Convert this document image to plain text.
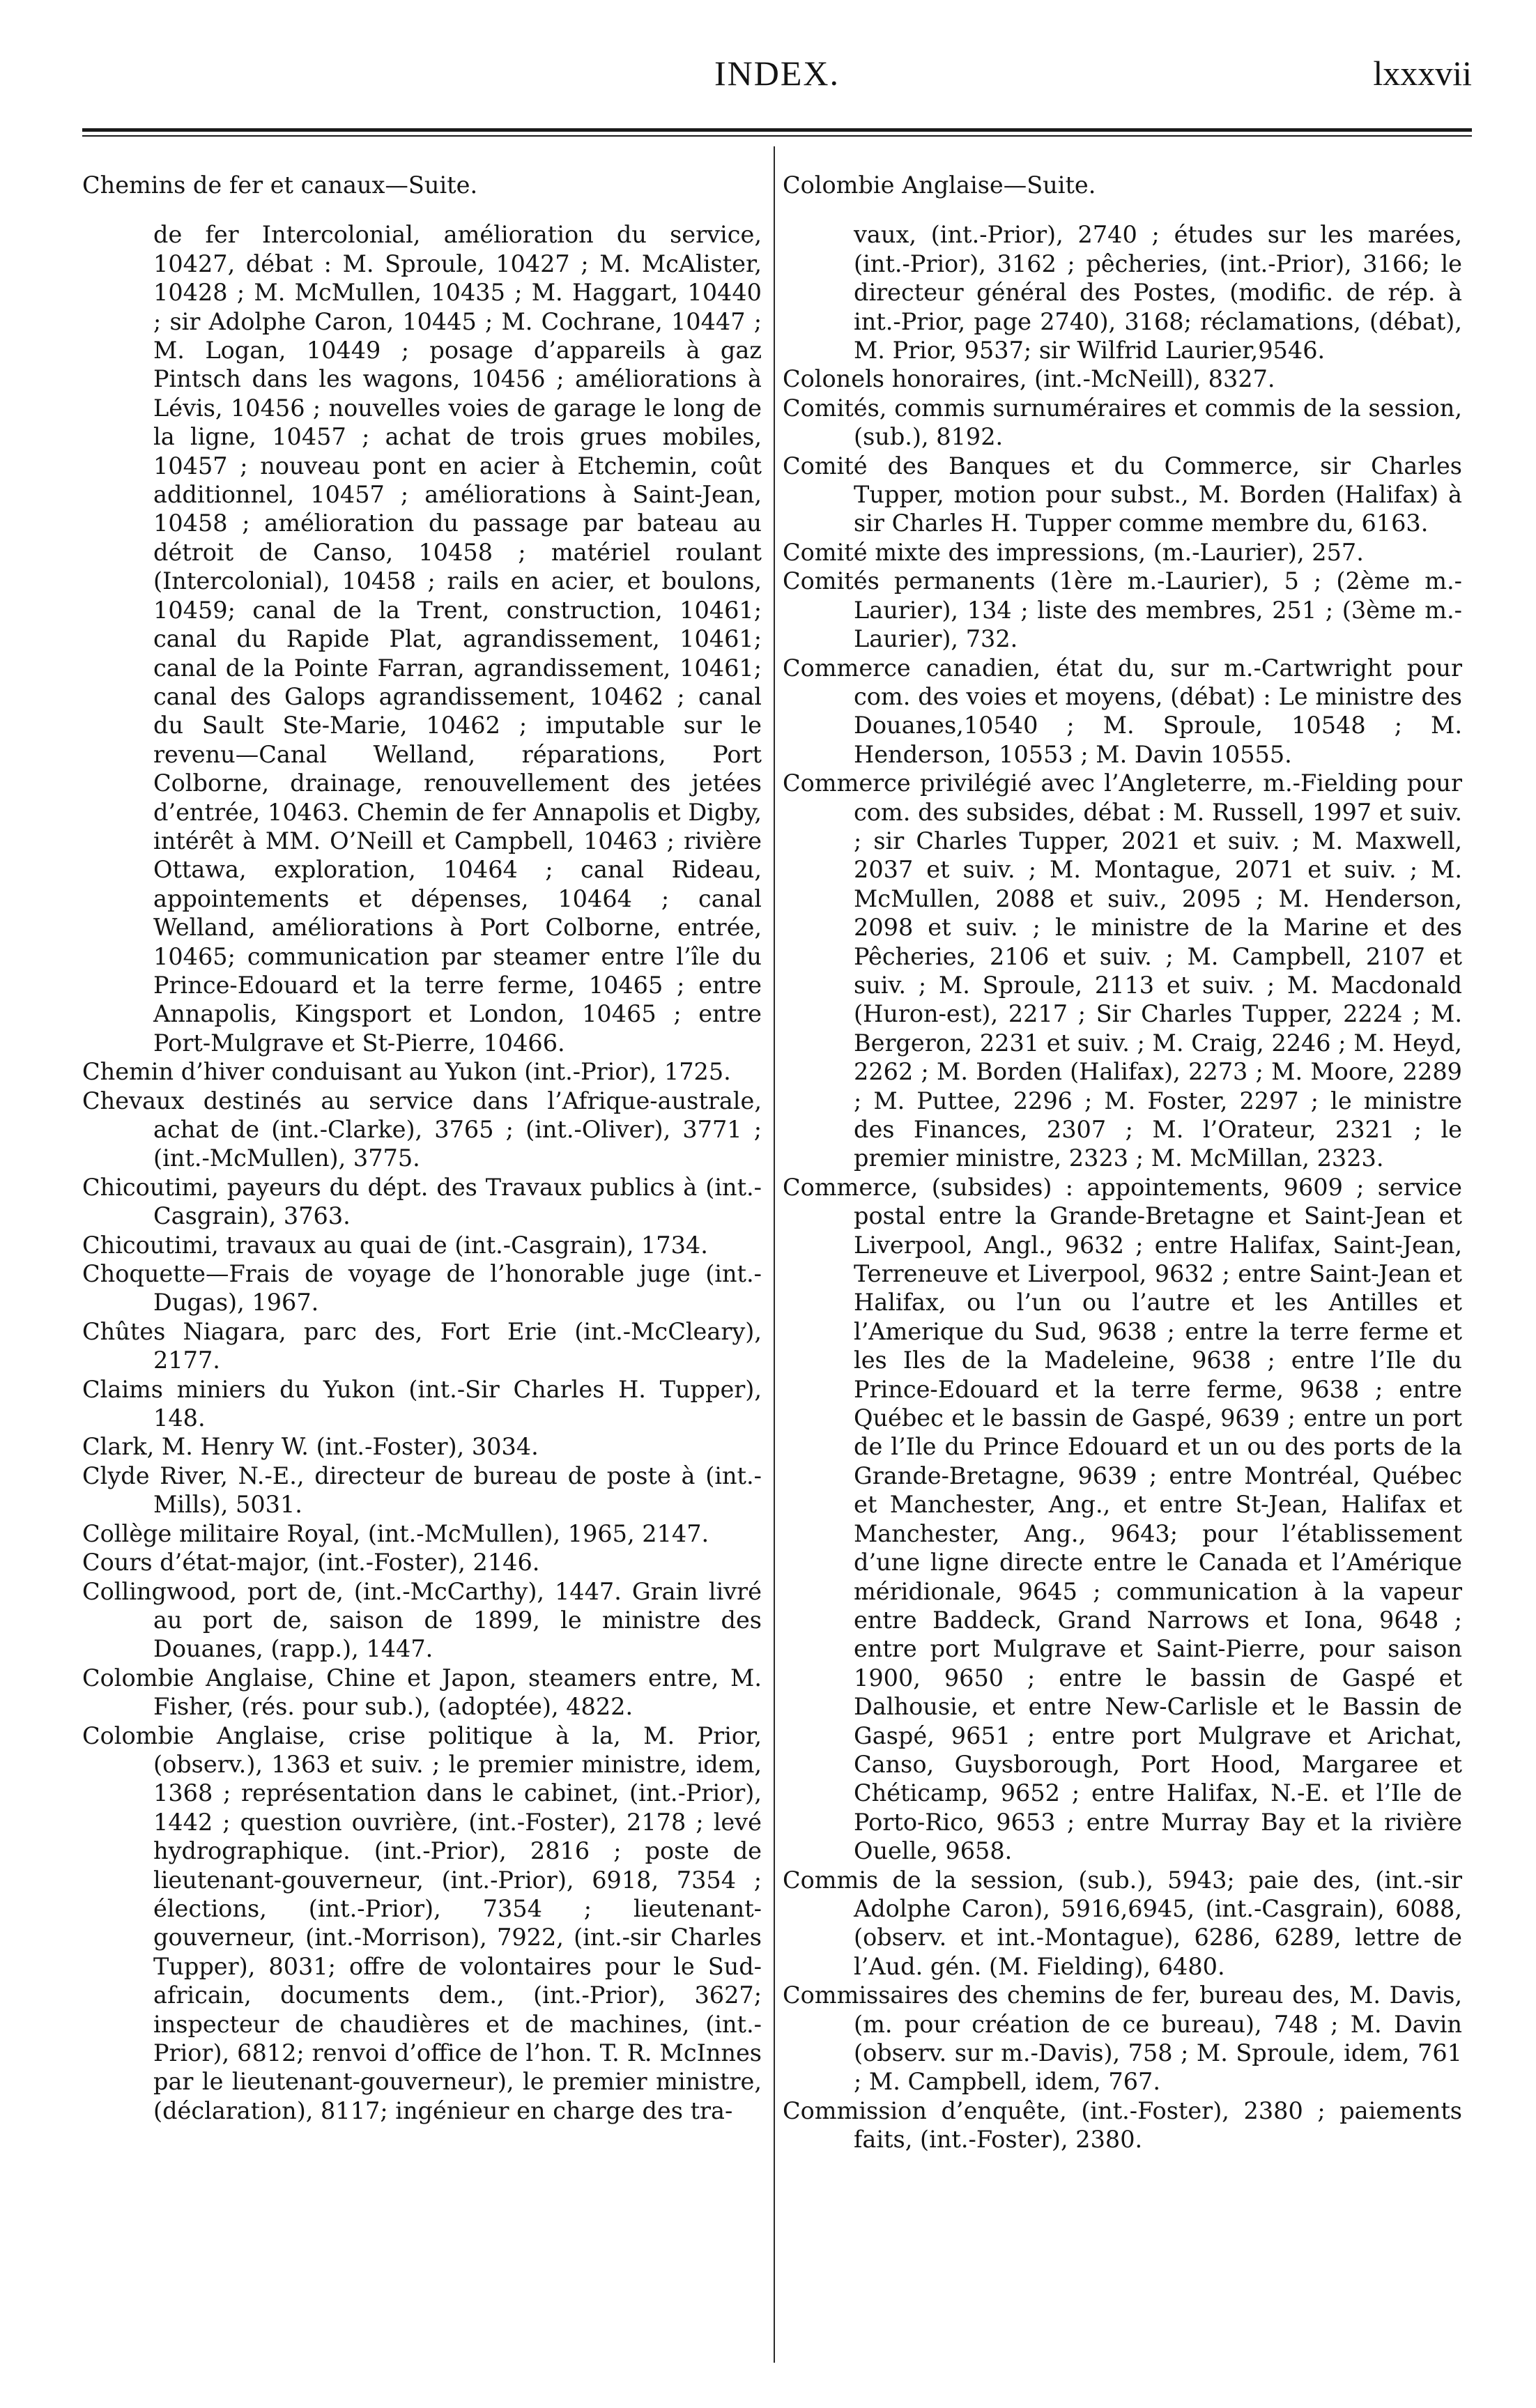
INDEX.	lxxxvii

Chemins de fer et canaux—Suite.

de fer Intercolonial, amélioration du service, 10427, débat : M. Sproule, 10427 ; M. McAlister, 10428 ; M. McMullen, 10435 ; M. Haggart, 10440 ; sir Adolphe Caron, 10445 ; M. Cochrane, 10447 ; M. Logan, 10449 ; posage d’appareils à gaz Pintsch dans les wagons, 10456 ; améliorations à Lévis, 10456 ; nouvelles voies de garage le long de la ligne, 10457 ; achat de trois grues mobiles, 10457 ; nouveau pont en acier à Etchemin, coût additionnel, 10457 ; améliorations à Saint-Jean, 10458 ; amélioration du passage par bateau au détroit de Canso, 10458 ; matériel roulant (Intercolonial), 10458 ; rails en acier, et boulons, 10459; canal de la Trent, construction, 10461; canal du Rapide Plat, agrandissement, 10461; canal de la Pointe Farran, agrandissement, 10461; canal des Galops agrandissement, 10462 ; canal du Sault Ste-Marie, 10462 ; imputable sur le revenu—Canal Welland, réparations, Port Colborne, drainage, renouvellement des jetées d’entrée, 10463. Chemin de fer Annapolis et Digby, intérêt à MM. O’Neill et Campbell, 10463 ; rivière Ottawa, exploration, 10464 ; canal Rideau, appointements et dépenses, 10464 ; canal Welland, améliorations à Port Colborne, entrée, 10465; communication par steamer entre l’île du Prince-Edouard et la terre ferme, 10465 ; entre Annapolis, Kingsport et London, 10465 ; entre Port-Mulgrave et St-Pierre, 10466.

Chemin d’hiver conduisant au Yukon (int.-Prior), 1725.

Chevaux destinés au service dans l’Afrique-australe, achat de (int.-Clarke), 3765 ; (int.-Oliver), 3771 ; (int.-McMullen), 3775.

Chicoutimi, payeurs du dépt. des Travaux publics à (int.-Casgrain), 3763.

Chicoutimi, travaux au quai de (int.-Casgrain), 1734.

Choquette—Frais de voyage de l’honorable juge (int.-Dugas), 1967.

Chûtes Niagara, parc des, Fort Erie (int.-McCleary), 2177.

Claims miniers du Yukon (int.-Sir Charles H. Tupper), 148.

Clark, M. Henry W. (int.-Foster), 3034.

Clyde River, N.-E., directeur de bureau de poste à (int.-Mills), 5031.

Collège militaire Royal, (int.-McMullen), 1965, 2147.

Cours d’état-major, (int.-Foster), 2146.

Collingwood, port de, (int.-McCarthy), 1447. Grain livré au port de, saison de 1899, le ministre des Douanes, (rapp.), 1447.

Colombie Anglaise, Chine et Japon, steamers entre, M. Fisher, (rés. pour sub.), (adoptée), 4822.

Colombie Anglaise, crise politique à la, M. Prior, (observ.), 1363 et suiv. ; le premier ministre, idem, 1368 ; représentation dans le cabinet, (int.-Prior), 1442 ; question ouvrière, (int.-Foster), 2178 ; levé hydrographique. (int.-Prior), 2816 ; poste de lieutenant-gouverneur, (int.-Prior), 6918, 7354 ; élections, (int.-Prior), 7354 ; lieutenant-gouverneur, (int.-Morrison), 7922, (int.-sir Charles Tupper), 8031; offre de volontaires pour le Sud-africain, documents dem., (int.-Prior), 3627; inspecteur de chaudières et de machines, (int.-Prior), 6812; renvoi d’office de l’hon. T. R. McInnes par le lieutenant-gouverneur), le premier ministre, (déclaration), 8117; ingénieur en charge des tra-

Colombie Anglaise—Suite.

vaux, (int.-Prior), 2740 ; études sur les marées, (int.-Prior), 3162 ; pêcheries, (int.-Prior), 3166; le directeur général des Postes, (modific. de rép. à int.-Prior, page 2740), 3168; réclamations, (débat), M. Prior, 9537; sir Wilfrid Laurier,9546.

Colonels honoraires, (int.-McNeill), 8327.

Comités, commis surnuméraires et commis de la session, (sub.), 8192.

Comité des Banques et du Commerce, sir Charles Tupper, motion pour subst., M. Borden (Halifax) à sir Charles H. Tupper comme membre du, 6163.

Comité mixte des impressions, (m.-Laurier), 257.

Comités permanents (1ère m.-Laurier), 5 ; (2ème m.-Laurier), 134 ; liste des membres, 251 ; (3ème m.-Laurier), 732.

Commerce canadien, état du, sur m.-Cartwright pour com. des voies et moyens, (débat) : Le ministre des Douanes,10540 ; M. Sproule, 10548 ; M. Henderson, 10553 ; M. Davin 10555.

Commerce privilégié avec l’Angleterre, m.-Fielding pour com. des subsides, débat : M. Russell, 1997 et suiv. ; sir Charles Tupper, 2021 et suiv. ; M. Maxwell, 2037 et suiv. ; M. Montague, 2071 et suiv. ; M. McMullen, 2088 et suiv., 2095 ; M. Henderson, 2098 et suiv. ; le ministre de la Marine et des Pêcheries, 2106 et suiv. ; M. Campbell, 2107 et suiv. ; M. Sproule, 2113 et suiv. ; M. Macdonald (Huron-est), 2217 ; Sir Charles Tupper, 2224 ; M. Bergeron, 2231 et suiv. ; M. Craig, 2246 ; M. Heyd, 2262 ; M. Borden (Halifax), 2273 ; M. Moore, 2289 ; M. Puttee, 2296 ; M. Foster, 2297 ; le ministre des Finances, 2307 ; M. l’Orateur, 2321 ; le premier ministre, 2323 ; M. McMillan, 2323.

Commerce, (subsides) : appointements, 9609 ; service postal entre la Grande-Bretagne et Saint-Jean et Liverpool, Angl., 9632 ; entre Halifax, Saint-Jean, Terreneuve et Liverpool, 9632 ; entre Saint-Jean et Halifax, ou l’un ou l’autre et les Antilles et l’Amerique du Sud, 9638 ; entre la terre ferme et les Iles de la Madeleine, 9638 ; entre l’Ile du Prince-Edouard et la terre ferme, 9638 ; entre Québec et le bassin de Gaspé, 9639 ; entre un port de l’Ile du Prince Edouard et un ou des ports de la Grande-Bretagne, 9639 ; entre Montréal, Québec et Manchester, Ang., et entre St-Jean, Halifax et Manchester, Ang., 9643; pour l’établissement d’une ligne directe entre le Canada et l’Amérique méridionale, 9645 ; communication à la vapeur entre Baddeck, Grand Narrows et Iona, 9648 ; entre port Mulgrave et Saint-Pierre, pour saison 1900, 9650 ; entre le bassin de Gaspé et Dalhousie, et entre New-Carlisle et le Bassin de Gaspé, 9651 ; entre port Mulgrave et Arichat, Canso, Guysborough, Port Hood, Margaree et Chéticamp, 9652 ; entre Halifax, N.-E. et l’Ile de Porto-Rico, 9653 ; entre Murray Bay et la rivière Ouelle, 9658.

Commis de la session, (sub.), 5943; paie des, (int.-sir Adolphe Caron), 5916,6945, (int.-Casgrain), 6088, (observ. et int.-Montague), 6286, 6289, lettre de l’Aud. gén. (M. Fielding), 6480.

Commissaires des chemins de fer, bureau des, M. Davis, (m. pour création de ce bureau), 748 ; M. Davin (observ. sur m.-Davis), 758 ; M. Sproule, idem, 761 ; M. Campbell, idem, 767.

Commission d’enquête, (int.-Foster), 2380 ; paiements faits, (int.-Foster), 2380.
